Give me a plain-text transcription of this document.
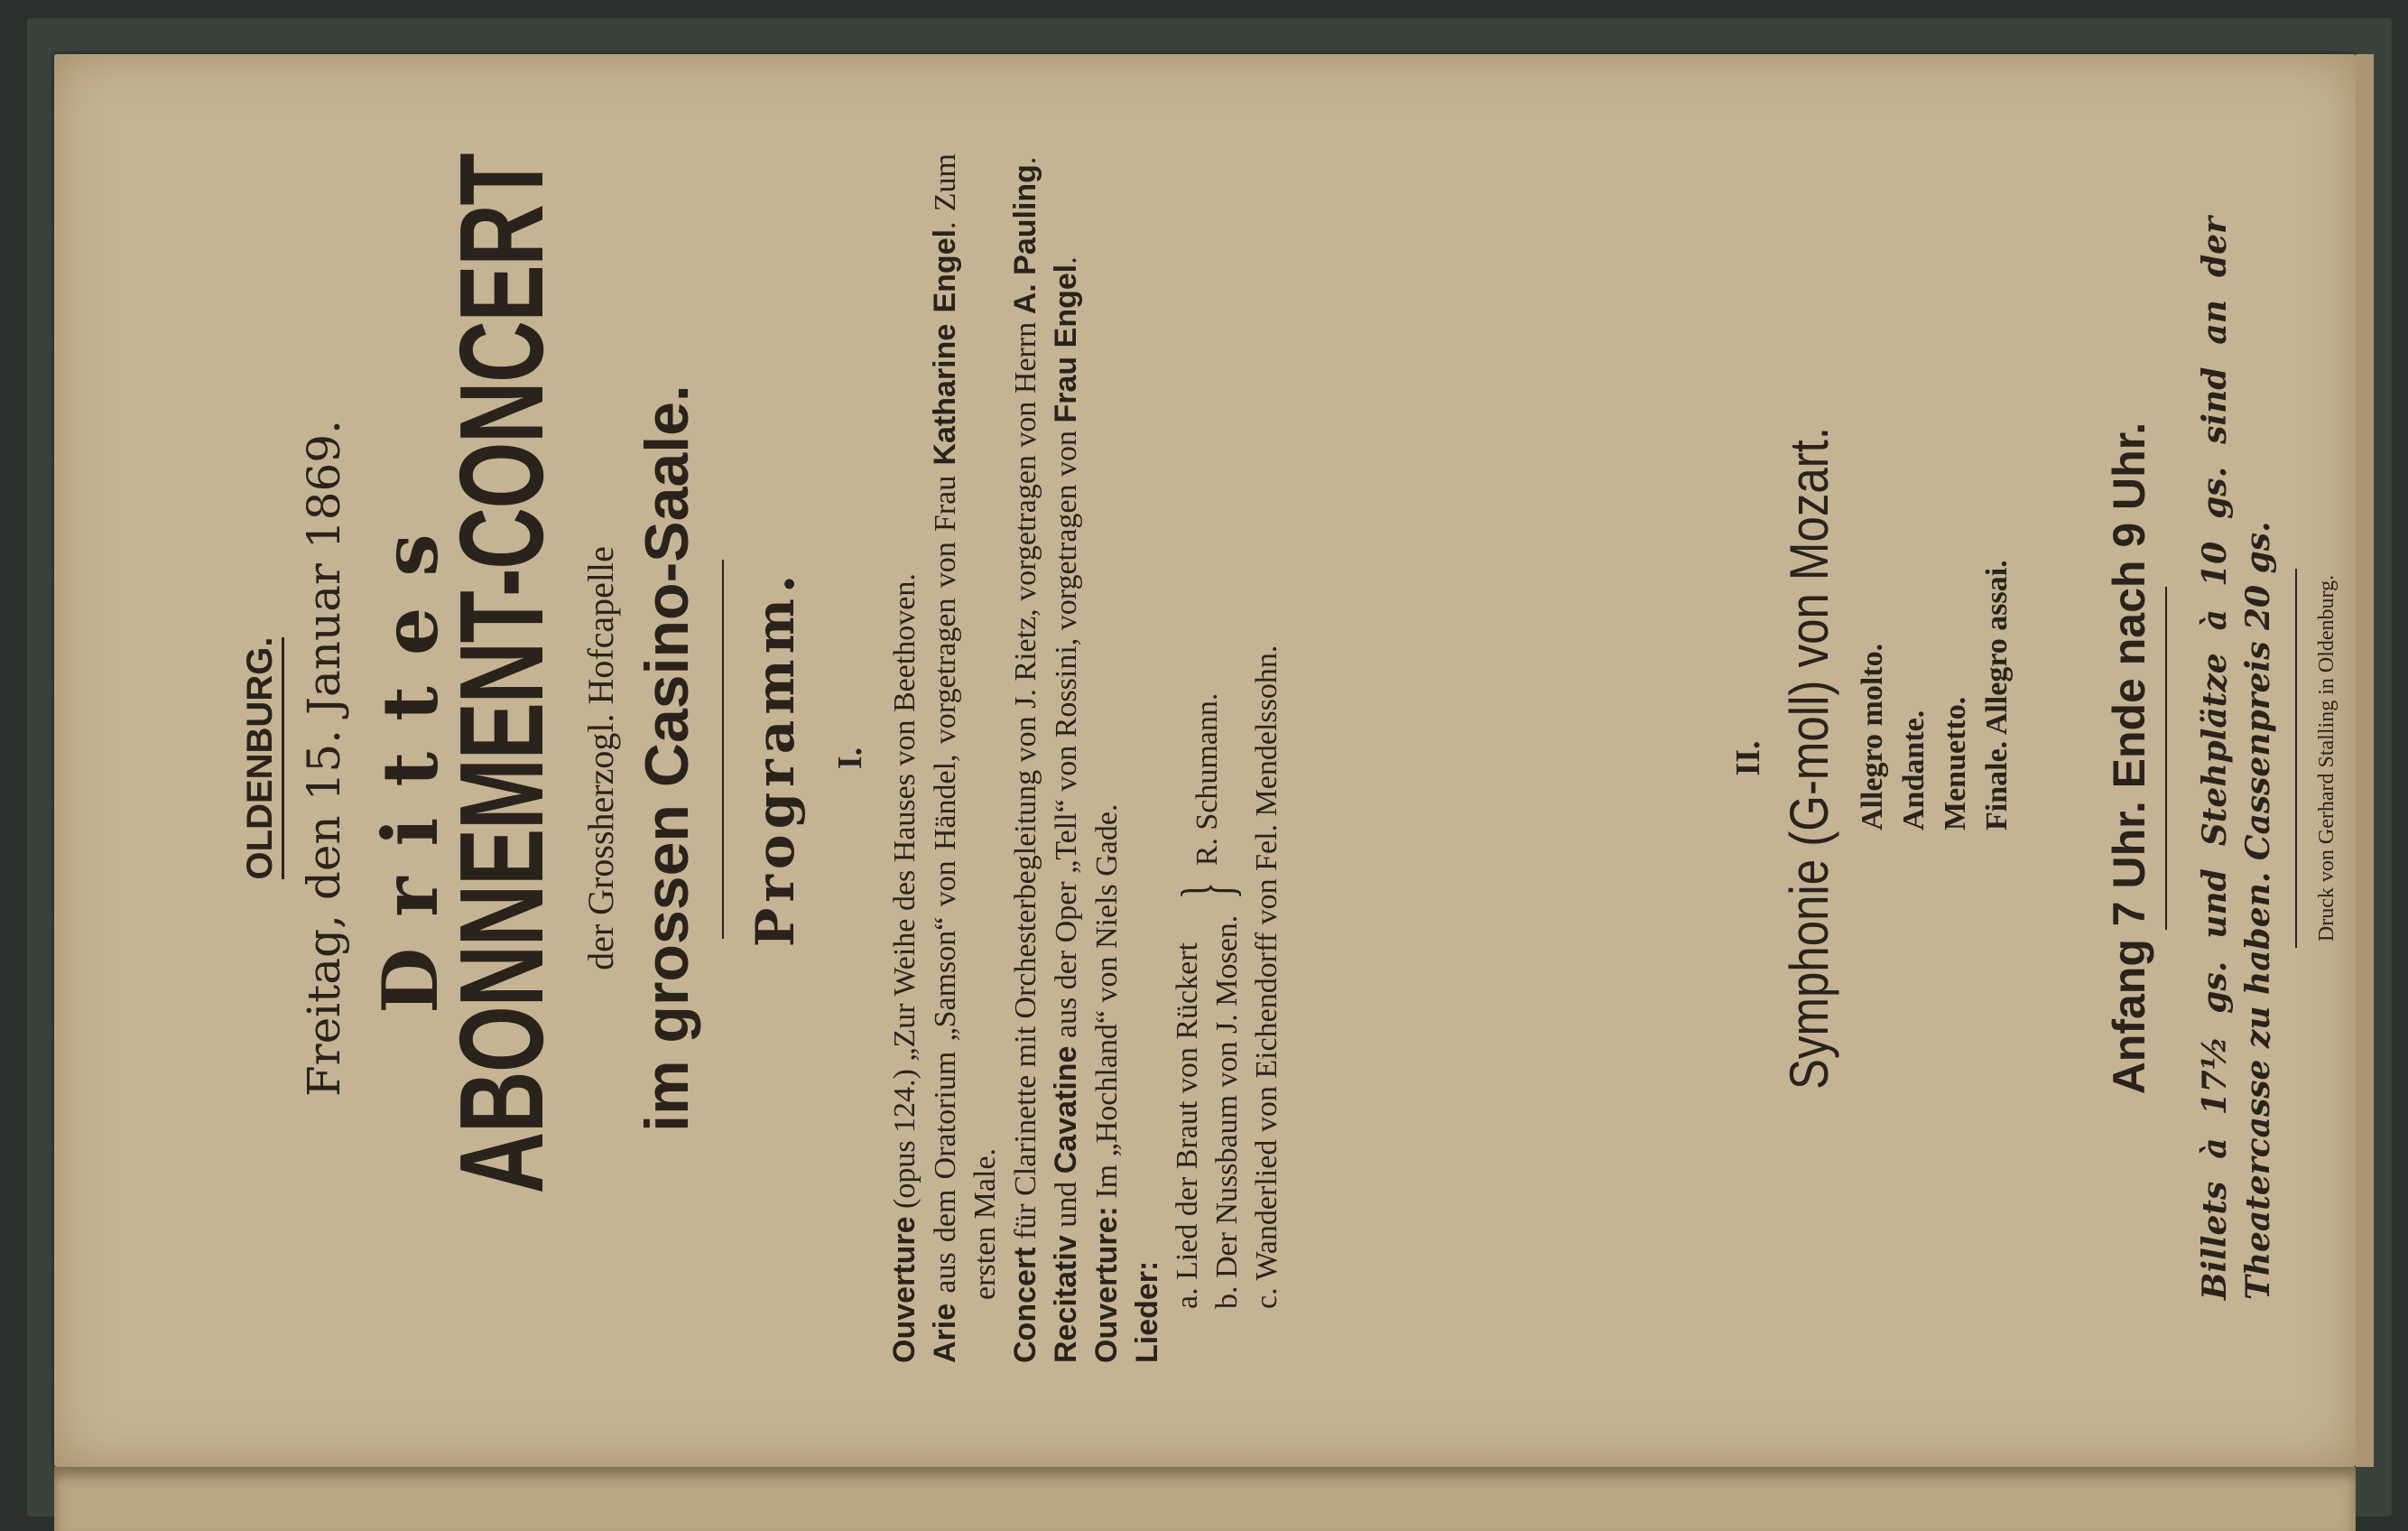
OLDENBURG. Freitag, den 15. Januar 1869. Drittes
ABONNEMENT-CONCERT der Grossherzogl. Hofcapelle im grossen Casino-Saale. Programm. I.

Ouverture (opus 124.) „Zur Weihe des Hauses von Beethoven.

Arie aus dem Oratorium „Samson“ von Händel, vorgetragen von Frau Katharine Engel. Zum ersten Male.

Concert für Clarinette mit Orchesterbegleitung von J. Rietz, vorgetragen von Herrn A. Pauling.

Recitativ und Cavatine aus der Oper „Tell“ von Rossini, vorgetragen von Frau Engel.

Ouverture: Im „Hochland“ von Niels Gade.

Lieder:
a. Lied der Braut von Rückert b. Der Nussbaum von J. Mosen.
}
R. Schumann. c. Wanderlied von Eichendorff von Fel. Mendelssohn.	II. Symphonie (G-moll) von Mozart. Allegro molto. Andante. Menuetto. Finale. Allegro assai. Anfang 7 Uhr. Ende nach 9 Uhr. Billets à 17½ gs. und Stehplätze à 10 gs. sind an der Theatercasse zu haben. Cassenpreis 20 gs. Druck von Gerhard Stalling in Oldenburg.
